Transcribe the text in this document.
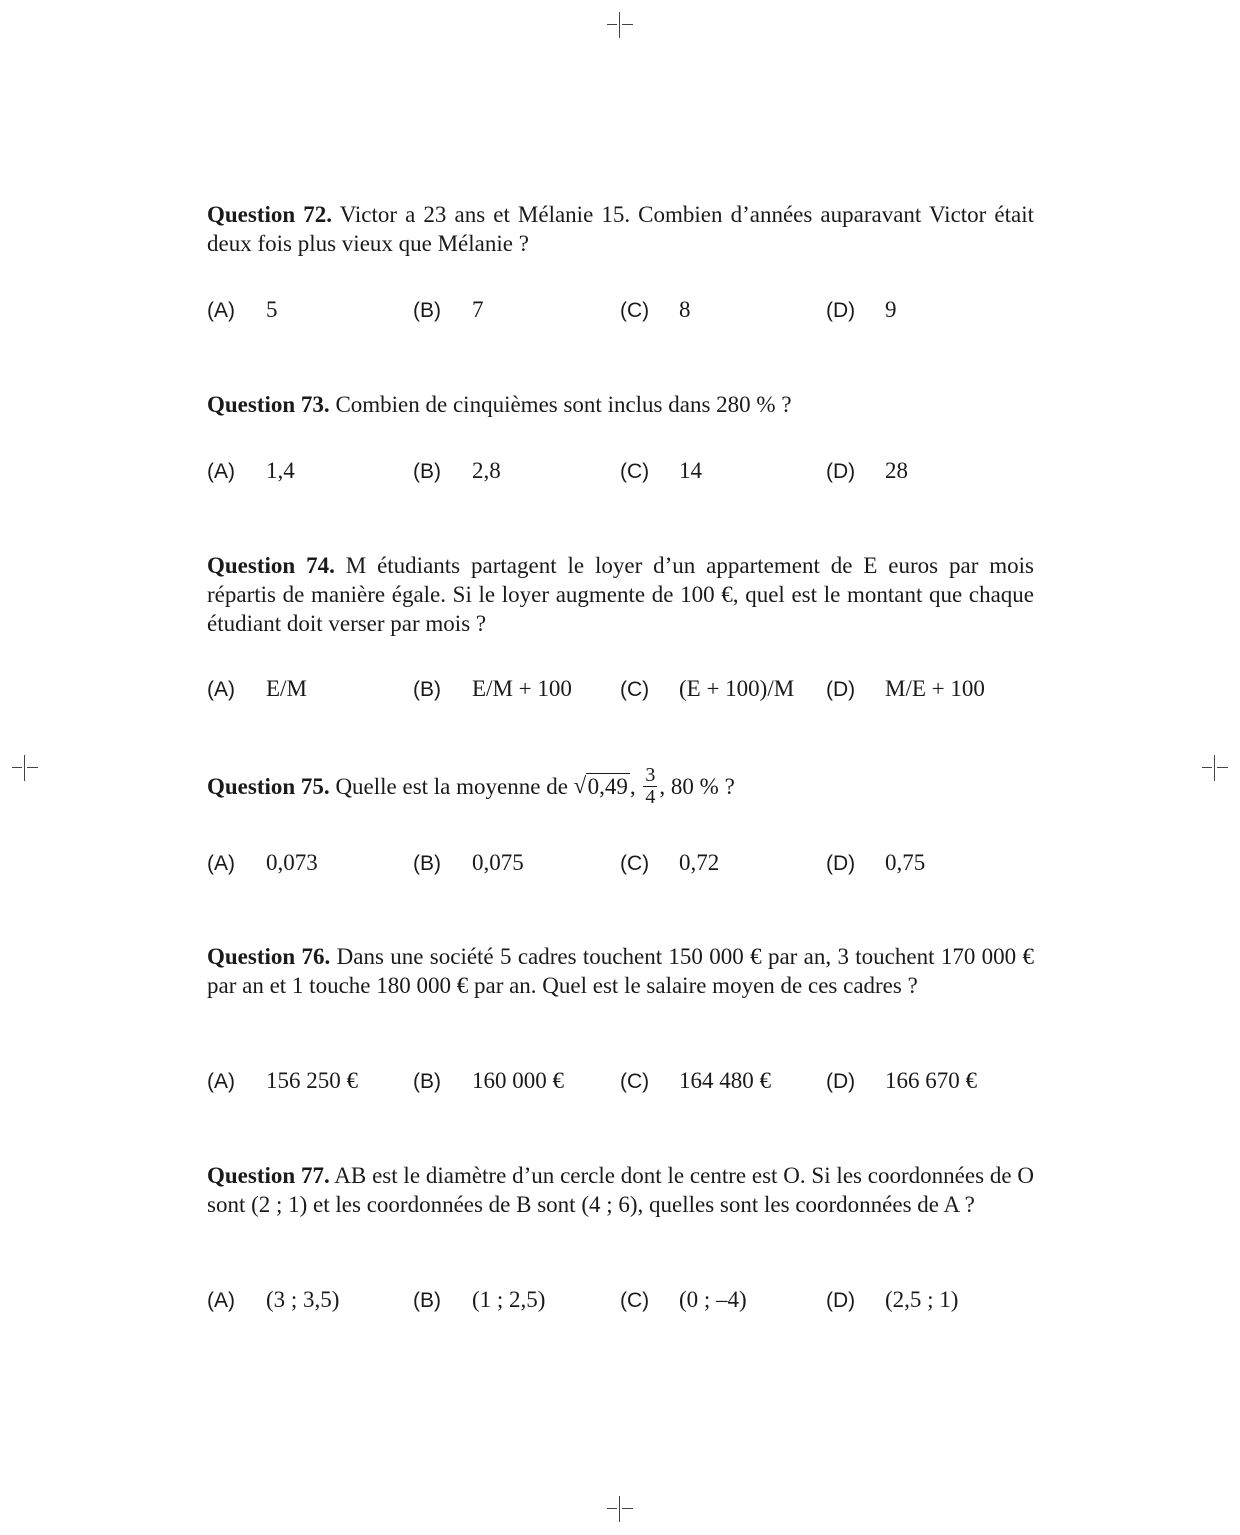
Question 72. Victor a 23 ans et Mélanie 15. Combien d’années auparavant Victor était deux fois plus vieux que Mélanie ?

(A) 5	(B) 7	(C) 8	(D) 9

Question 73. Combien de cinquièmes sont inclus dans 280 % ?

(A) 1,4	(B) 2,8	(C) 14	(D) 28

Question 74. M étudiants partagent le loyer d’un appartement de E euros par mois répartis de manière égale. Si le loyer augmente de 100 €, quel est le montant que chaque étudiant doit verser par mois ?

(A) E/M	(B) E/M + 100 (C) (E + 100)/M (D) M/E + 100

Question 75. Quelle est la moyenne de √ 0,49, $\frac{3}{4}$ , 80 % ?

(A) 0,073	(B) 0,075	(C) 0,72	(D) 0,75

Question 76. Dans une société 5 cadres touchent 150 000 € par an, 3 touchent 170 000 € par an et 1 touche 180 000 € par an. Quel est le salaire moyen de ces cadres ?

(A) 156 250 €	(B) 160 000 €	(C) 164 480 €	(D) 166 670 €

Question 77. AB est le diamètre d’un cercle dont le centre est O. Si les coordonnées de O sont (2 ; 1) et les coordonnées de B sont (4 ; 6), quelles sont les coordonnées de A ?

(A) (3 ; 3,5)	(B) (1 ; 2,5)	(C) (0 ; –4)	(D) (2,5 ; 1)
